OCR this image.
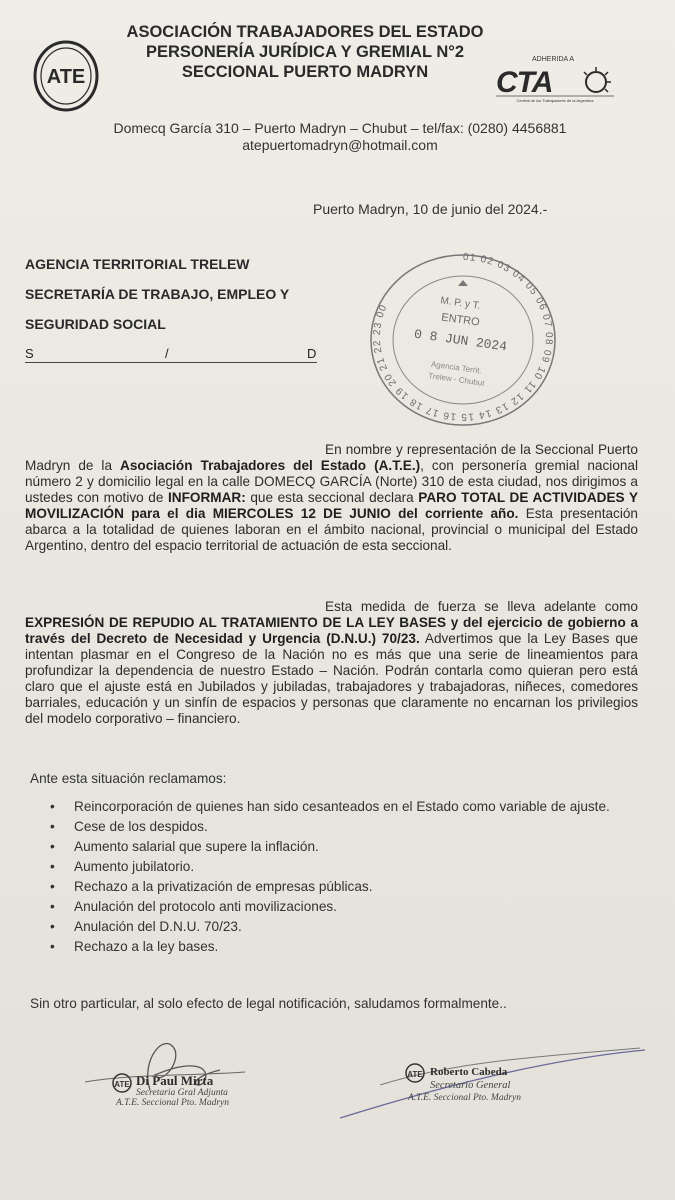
ATE
ASOCIACIÓN TRABAJADORES DEL ESTADO
PERSONERÍA JURÍDICA Y GREMIAL N°2
SECCIONAL PUERTO MADRYN
ADHERIDA A
CTA
Central de los Trabajadores de la Argentina
Domecq García 310 – Puerto Madryn – Chubut – tel/fax: (0280) 4456881
atepuertomadryn@hotmail.com
Puerto Madryn, 10 de junio del 2024.-
AGENCIA TERRITORIAL TRELEW
SECRETARÍA DE TRABAJO, EMPLEO Y
SEGURIDAD SOCIAL
S	/	D
01 02 03 04 05 06 07 08 09 10 11 12 13 14 15 16 17 18 19 20 21 22 23 00	M. P. y T.
ENTRO
0 8 JUN 2024
Agencia Territ.
Trelew - Chubut
En nombre y representación de la Seccional Puerto Madryn de la Asociación Trabajadores del Estado (A.T.E.), con personería gremial nacional número 2 y domicilio legal en la calle DOMECQ GARCÍA (Norte) 310 de esta ciudad, nos dirigimos a ustedes con motivo de INFORMAR: que esta seccional declara PARO TOTAL DE ACTIVIDADES Y MOVILIZACIÓN para el dia MIERCOLES 12 DE JUNIO del corriente año. Esta presentación abarca a la totalidad de quienes laboran en el ámbito nacional, provincial o municipal del Estado Argentino, dentro del espacio territorial de actuación de esta seccional.
Esta medida de fuerza se lleva adelante como EXPRESIÓN DE REPUDIO AL TRATAMIENTO DE LA LEY BASES y del ejercicio de gobierno a través del Decreto de Necesidad y Urgencia (D.N.U.) 70/23. Advertimos que la Ley Bases que intentan plasmar en el Congreso de la Nación no es más que una serie de lineamientos para profundizar la dependencia de nuestro Estado – Nación. Podrán contarla como quieran pero está claro que el ajuste está en Jubilados y jubiladas, trabajadores y trabajadoras, niñeces, comedores barriales, educación y un sinfín de espacios y personas que claramente no encarnan los privilegios del modelo corporativo – financiero.
Ante esta situación reclamamos:
• Reincorporación de quienes han sido cesanteados en el Estado como variable de ajuste.
• Cese de los despidos.
• Aumento salarial que supere la inflación.
• Aumento jubilatorio.
• Rechazo a la privatización de empresas públicas.
• Anulación del protocolo anti movilizaciones.
• Anulación del D.N.U. 70/23.
• Rechazo a la ley bases.
Sin otro particular, al solo efecto de legal notificación, saludamos formalmente..
ATE Di Paul Mirta
Secretaria Gral Adjunta
A.T.E. Seccional Pto. Madryn
ATE Roberto Cabeda
Secretario General
A.T.E. Seccional Pto. Madryn
